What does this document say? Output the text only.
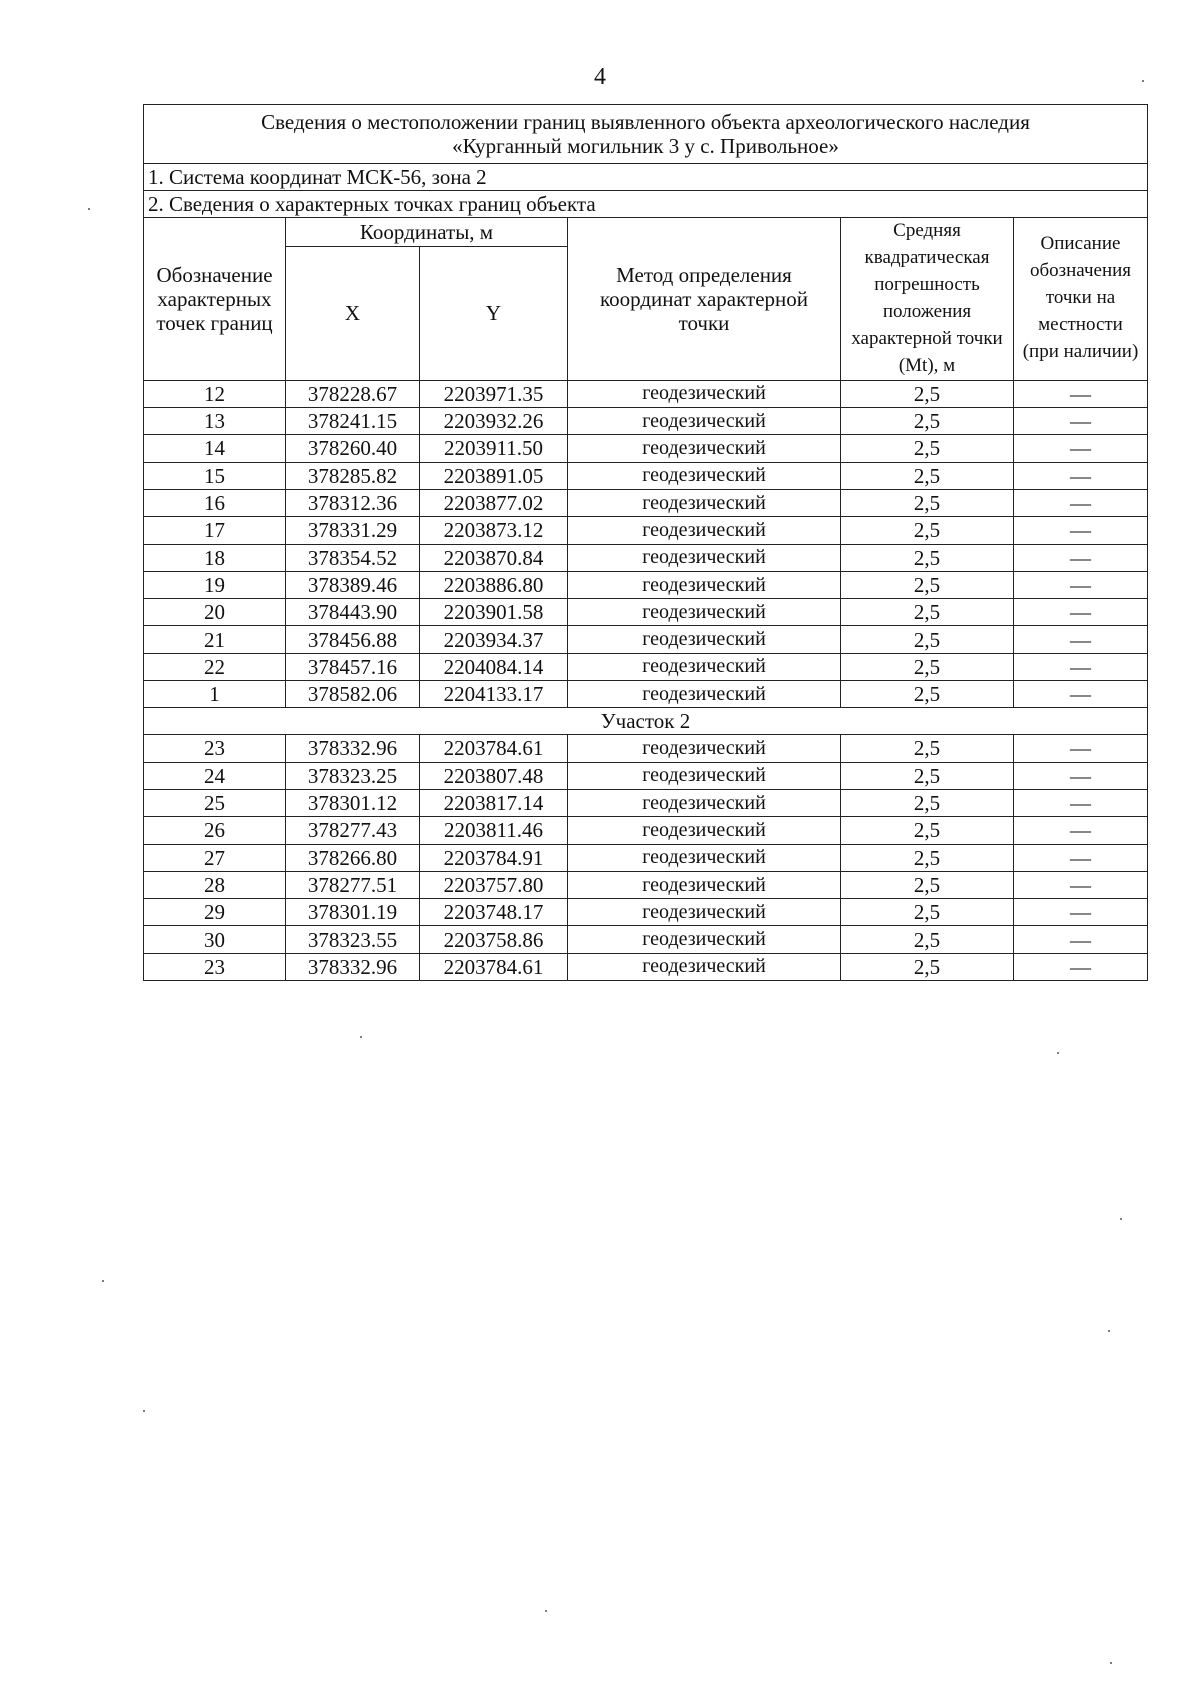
4
Сведения о местоположении границ выявленного объекта археологического наследия
«Курганный могильник 3 у с. Привольное»					

1. Система координат МСК-56, зона 2					
2. Сведения о характерных точках границ объекта					
Обозначение характерных точек границ	Координаты, м		Метод определения координат характерной точки	Средняя квадратическая погрешность положения характерной точки (Mt), м	Описание обозначения точки на местности (при наличии)
	X	Y			
12	378228.67	2203971.35	геодезический	2,5	—
13	378241.15	2203932.26	геодезический	2,5	—
14	378260.40	2203911.50	геодезический	2,5	—
15	378285.82	2203891.05	геодезический	2,5	—
16	378312.36	2203877.02	геодезический	2,5	—
17	378331.29	2203873.12	геодезический	2,5	—
18	378354.52	2203870.84	геодезический	2,5	—
19	378389.46	2203886.80	геодезический	2,5	—
20	378443.90	2203901.58	геодезический	2,5	—
21	378456.88	2203934.37	геодезический	2,5	—
22	378457.16	2204084.14	геодезический	2,5	—
1	378582.06	2204133.17	геодезический	2,5	—
Участок 2					
23	378332.96	2203784.61	геодезический	2,5	—
24	378323.25	2203807.48	геодезический	2,5	—
25	378301.12	2203817.14	геодезический	2,5	—
26	378277.43	2203811.46	геодезический	2,5	—
27	378266.80	2203784.91	геодезический	2,5	—
28	378277.51	2203757.80	геодезический	2,5	—
29	378301.19	2203748.17	геодезический	2,5	—
30	378323.55	2203758.86	геодезический	2,5	—
23	378332.96	2203784.61	геодезический	2,5	—
